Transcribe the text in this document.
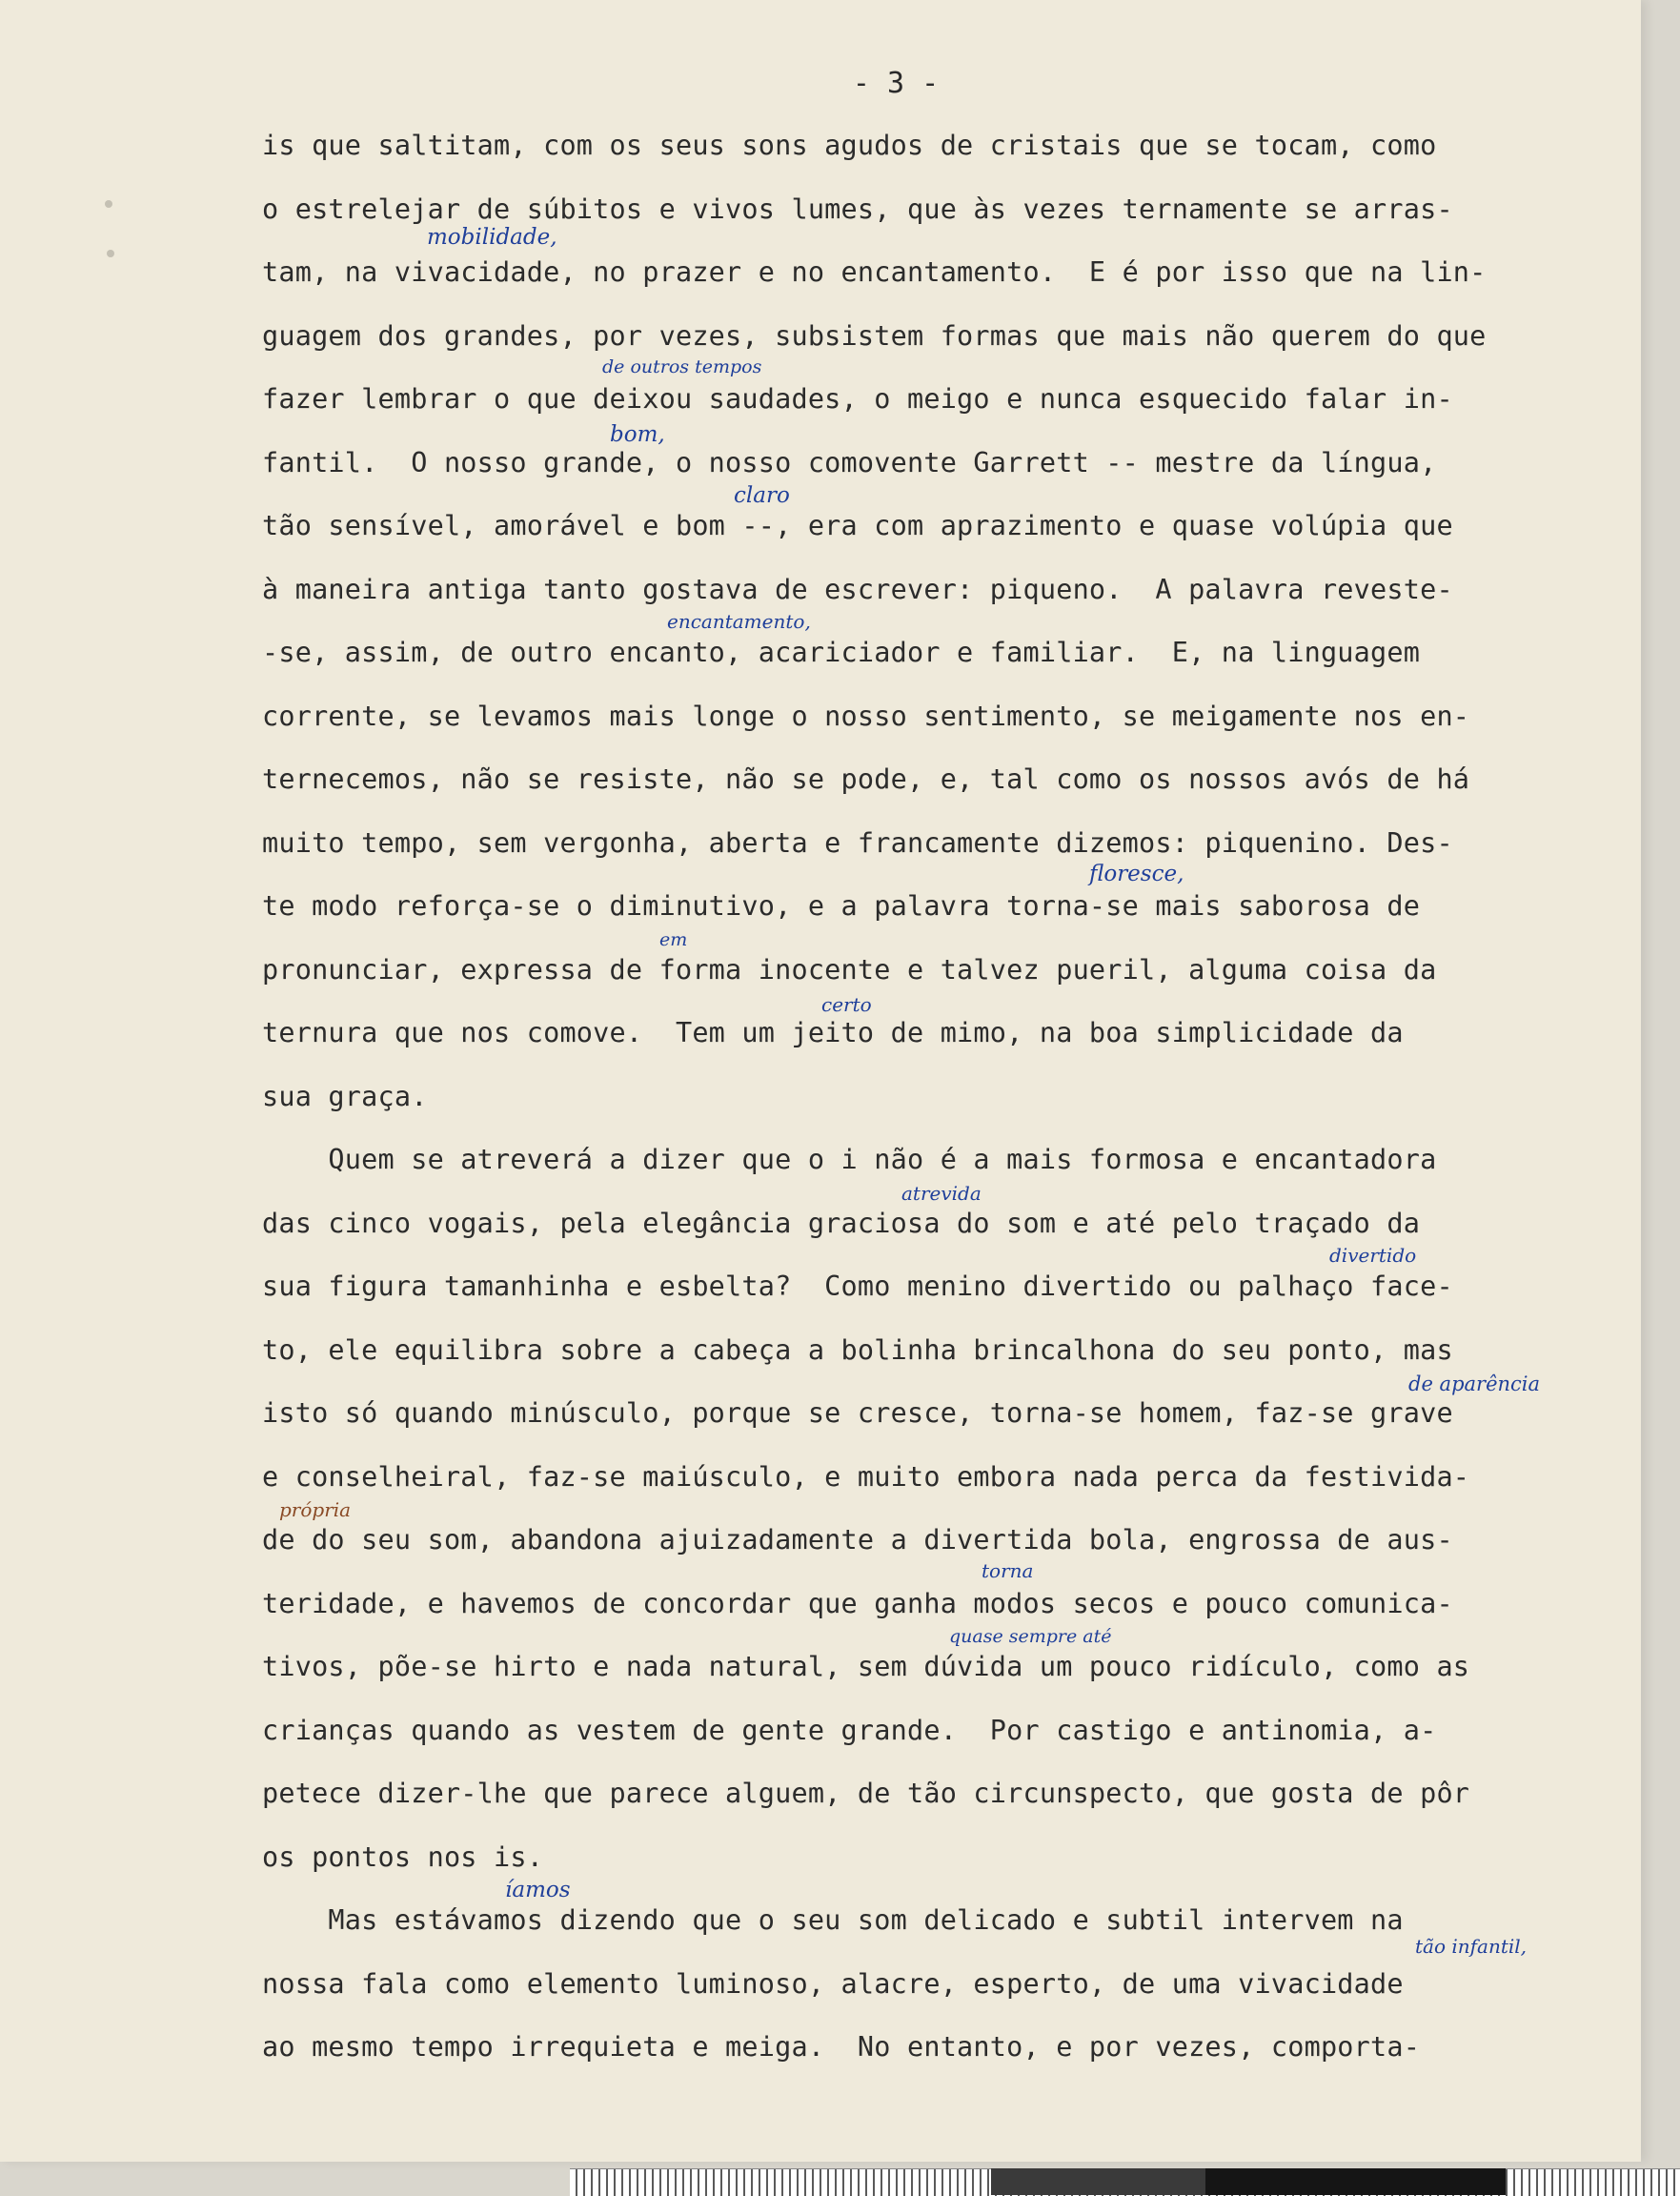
- 3 -
is que saltitam, com os seus sons agudos de cristais que se tocam, como
o estrelejar de súbitos e vivos lumes, que às vezes ternamente se arras-
tam, na vivacidade, no prazer e no encantamento.  E é por isso que na lin-
guagem dos grandes, por vezes, subsistem formas que mais não querem do que
fazer lembrar o que deixou saudades, o meigo e nunca esquecido falar in-
fantil.  O nosso grande, o nosso comovente Garrett -- mestre da língua,
tão sensível, amorável e bom --, era com aprazimento e quase volúpia que
à maneira antiga tanto gostava de escrever: piqueno.  A palavra reveste-
-se, assim, de outro encanto, acariciador e familiar.  E, na linguagem
corrente, se levamos mais longe o nosso sentimento, se meigamente nos en-
ternecemos, não se resiste, não se pode, e, tal como os nossos avós de há
muito tempo, sem vergonha, aberta e francamente dizemos: piquenino. Des-
te modo reforça-se o diminutivo, e a palavra torna-se mais saborosa de
pronunciar, expressa de forma inocente e talvez pueril, alguma coisa da
ternura que nos comove.  Tem um jeito de mimo, na boa simplicidade da
sua graça.
Quem se atreverá a dizer que o i não é a mais formosa e encantadora
das cinco vogais, pela elegância graciosa do som e até pelo traçado da
sua figura tamanhinha e esbelta?  Como menino divertido ou palhaço face-
to, ele equilibra sobre a cabeça a bolinha brincalhona do seu ponto, mas
isto só quando minúsculo, porque se cresce, torna-se homem, faz-se grave
e conselheiral, faz-se maiúsculo, e muito embora nada perca da festivida-
de do seu som, abandona ajuizadamente a divertida bola, engrossa de aus-
teridade, e havemos de concordar que ganha modos secos e pouco comunica-
tivos, põe-se hirto e nada natural, sem dúvida um pouco ridículo, como as
crianças quando as vestem de gente grande.  Por castigo e antinomia, a-
petece dizer-lhe que parece alguem, de tão circunspecto, que gosta de pôr
os pontos nos is.
Mas estávamos dizendo que o seu som delicado e subtil intervem na
nossa fala como elemento luminoso, alacre, esperto, de uma vivacidade
ao mesmo tempo irrequieta e meiga.  No entanto, e por vezes, comporta-
mobilidade,
de outros tempos
bom,
claro
encantamento,
floresce,
em
certo
atrevida
divertido
de aparência
própria
torna
quase sempre até
íamos
tão infantil,
